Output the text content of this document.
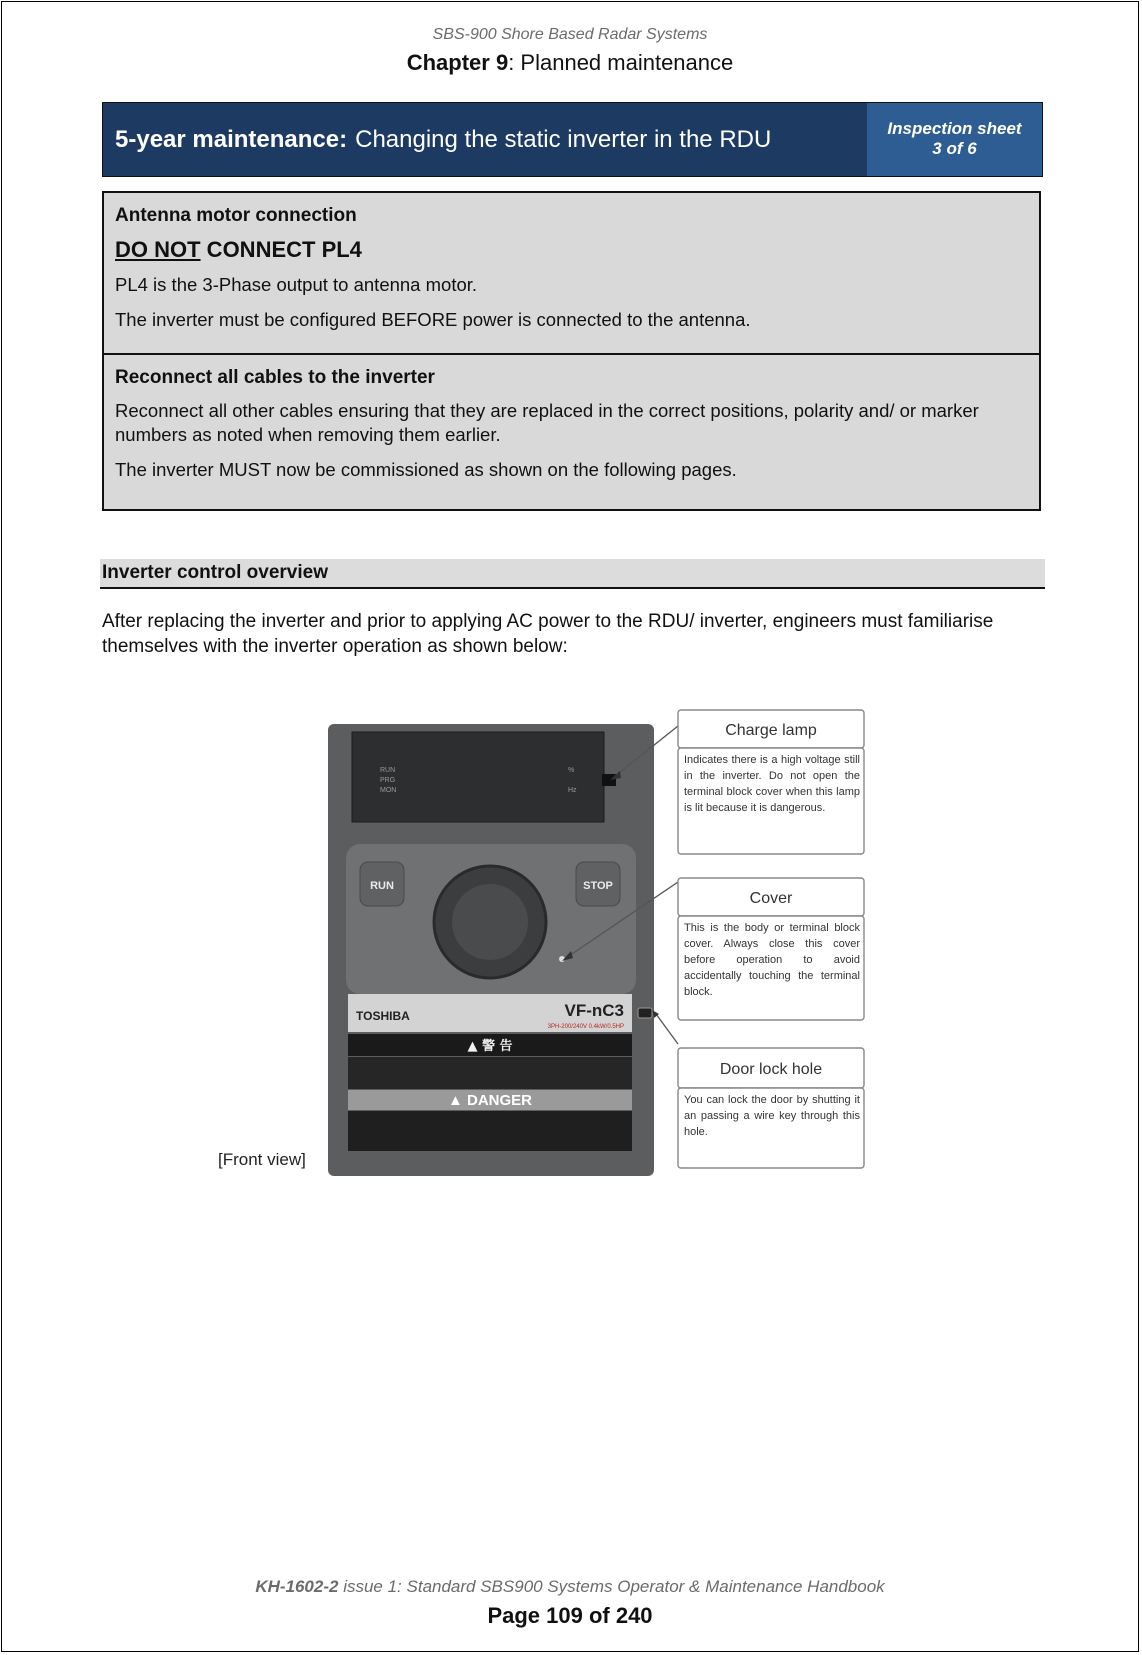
SBS-900 Shore Based Radar Systems
Chapter 9: Planned maintenance
5-year maintenance: Changing the static inverter in the RDU	Inspection sheet
3 of 6
Antenna motor connection
DO NOT CONNECT PL4

PL4 is the 3-Phase output to antenna motor.

The inverter must be configured BEFORE power is connected to the antenna.

Reconnect all cables to the inverter

Reconnect all other cables ensuring that they are replaced in the correct positions, polarity and/ or marker numbers as noted when removing them earlier.

The inverter MUST now be commissioned as shown on the following pages.

Inverter control overview

After replacing the inverter and prior to applying AC power to the RDU/ inverter, engineers must familiarise themselves with the inverter operation as shown below:

RUN
PRG
MON
%
Hz
RUN	STOP
TOSHIBA	VF-nC3
3PH-200/240V 0.4kW/0.5HP
▲ 警 告
▲ DANGER
Charge lamp
Indicates there is a high voltage still in the inverter. Do not open the terminal block cover when this lamp is lit because it is dangerous.
Cover
This is the body or terminal block cover. Always close this cover before operation to avoid accidentally touching the terminal block.
Door lock hole
You can lock the door by shutting it an passing a wire key through this hole.
[Front view]
KH-1602-2 issue 1: Standard SBS900 Systems Operator & Maintenance Handbook
Page 109 of 240
